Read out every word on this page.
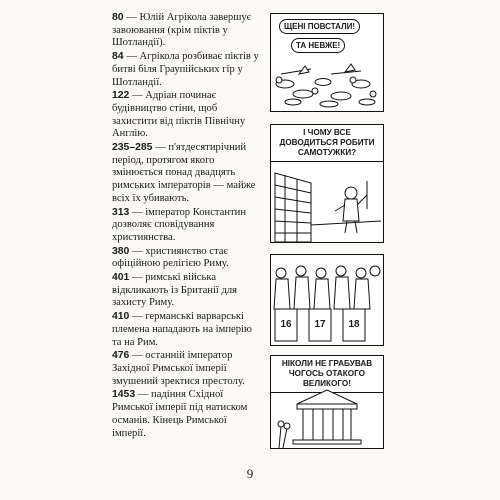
80 — Юлій Агрікола завершує завоювання (крім піктів у Шотландії).
84 — Агрікола розбиває піктів у битві біля Граупійських гір у Шотландії.
122 — Адріан починає будівництво стіни, щоб захистити від піктів Північну Англію.
235–285 — п'ятдесятирічний період, протягом якого змінюється понад двадцять римських імператорів — майже всіх їх убивають.
313 — імператор Константин дозволяє сповідування християнства.
380 — християнство стає офіційною релігією Риму.
401 — римські війська відкликають із Британії для захисту Риму.
410 — германські варварські племена нападають на імперію та на Рим.
476 — останній імператор Західної Римської імперії змушений зректися престолу.
1453 — падіння Східної Римської імперії під натиском османів. Кінець Римської імперії.
ЩЕНІ ПОВСТАЛИ!
ТА НЕВЖЕ!
І ЧОМУ ВСЕ ДОВОДИТЬСЯ РОБИТИ САМОТУЖКИ?
16	17	18
НІКОЛИ НЕ ГРАБУВАВ ЧОГОСЬ ОТАКОГО ВЕЛИКОГО!
9
